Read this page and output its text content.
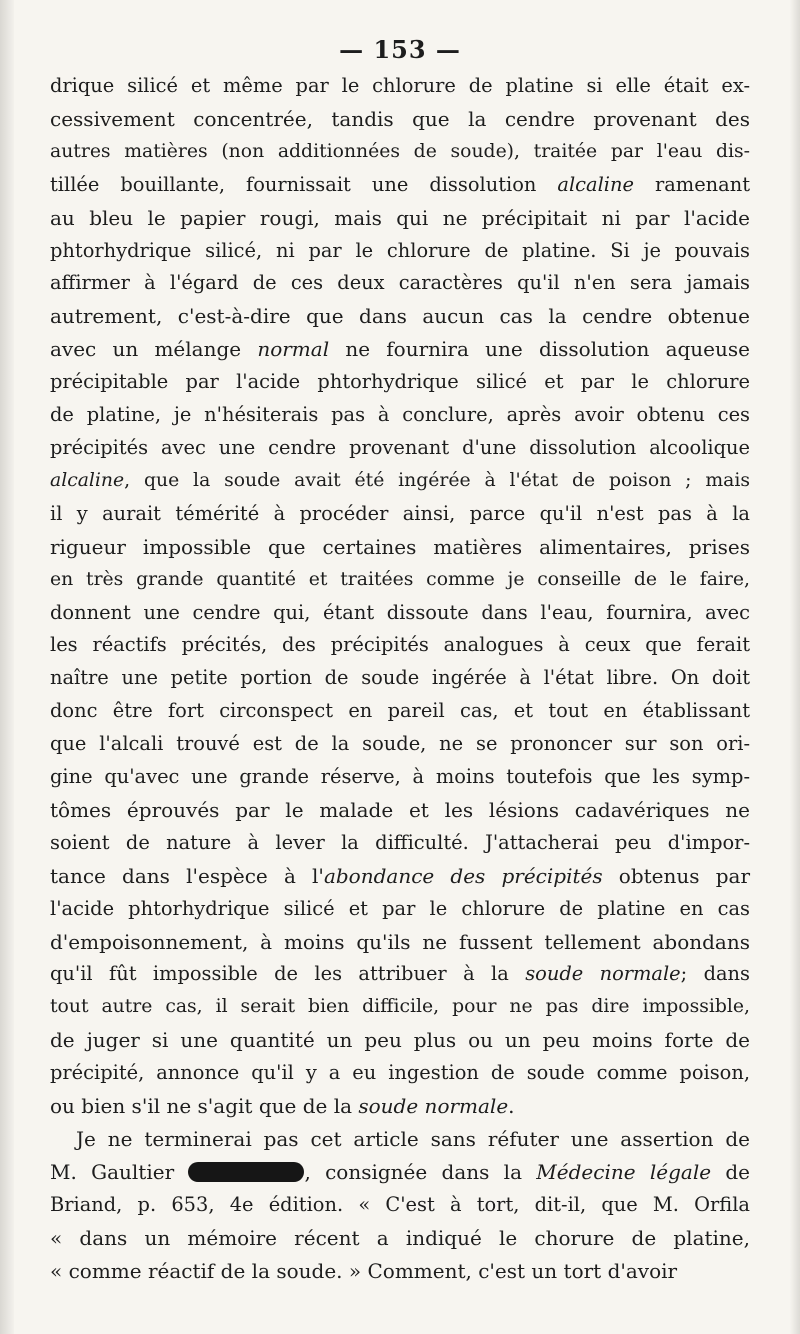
— 153 —
drique silicé et même par le chlorure de platine si elle était ex-
cessivement concentrée, tandis que la cendre provenant des
autres matières (non additionnées de soude), traitée par l'eau dis-
tillée bouillante, fournissait une dissolution alcaline ramenant
au bleu le papier rougi, mais qui ne précipitait ni par l'acide
phtorhydrique silicé, ni par le chlorure de platine. Si je pouvais
affirmer à l'égard de ces deux caractères qu'il n'en sera jamais
autrement, c'est-à-dire que dans aucun cas la cendre obtenue
avec un mélange normal ne fournira une dissolution aqueuse
précipitable par l'acide phtorhydrique silicé et par le chlorure
de platine, je n'hésiterais pas à conclure, après avoir obtenu ces
précipités avec une cendre provenant d'une dissolution alcoolique
alcaline, que la soude avait été ingérée à l'état de poison ; mais
il y aurait témérité à procéder ainsi, parce qu'il n'est pas à la
rigueur impossible que certaines matières alimentaires, prises
en très grande quantité et traitées comme je conseille de le faire,
donnent une cendre qui, étant dissoute dans l'eau, fournira, avec
les réactifs précités, des précipités analogues à ceux que ferait
naître une petite portion de soude ingérée à l'état libre. On doit
donc être fort circonspect en pareil cas, et tout en établissant
que l'alcali trouvé est de la soude, ne se prononcer sur son ori-
gine qu'avec une grande réserve, à moins toutefois que les symp-
tômes éprouvés par le malade et les lésions cadavériques ne
soient de nature à lever la difficulté. J'attacherai peu d'impor-
tance dans l'espèce à l'abondance des précipités obtenus par
l'acide phtorhydrique silicé et par le chlorure de platine en cas
d'empoisonnement, à moins qu'ils ne fussent tellement abondans
qu'il fût impossible de les attribuer à la soude normale; dans
tout autre cas, il serait bien difficile, pour ne pas dire impossible,
de juger si une quantité un peu plus ou un peu moins forte de
précipité, annonce qu'il y a eu ingestion de soude comme poison,
ou bien s'il ne s'agit que de la soude normale.
Je ne terminerai pas cet article sans réfuter une assertion de
M. Gaultier	, consignée dans la Médecine légale de
Briand, p. 653, 4e édition. « C'est à tort, dit-il, que M. Orfila
« dans un mémoire récent a indiqué le chorure de platine,
« comme réactif de la soude. » Comment, c'est un tort d'avoir
